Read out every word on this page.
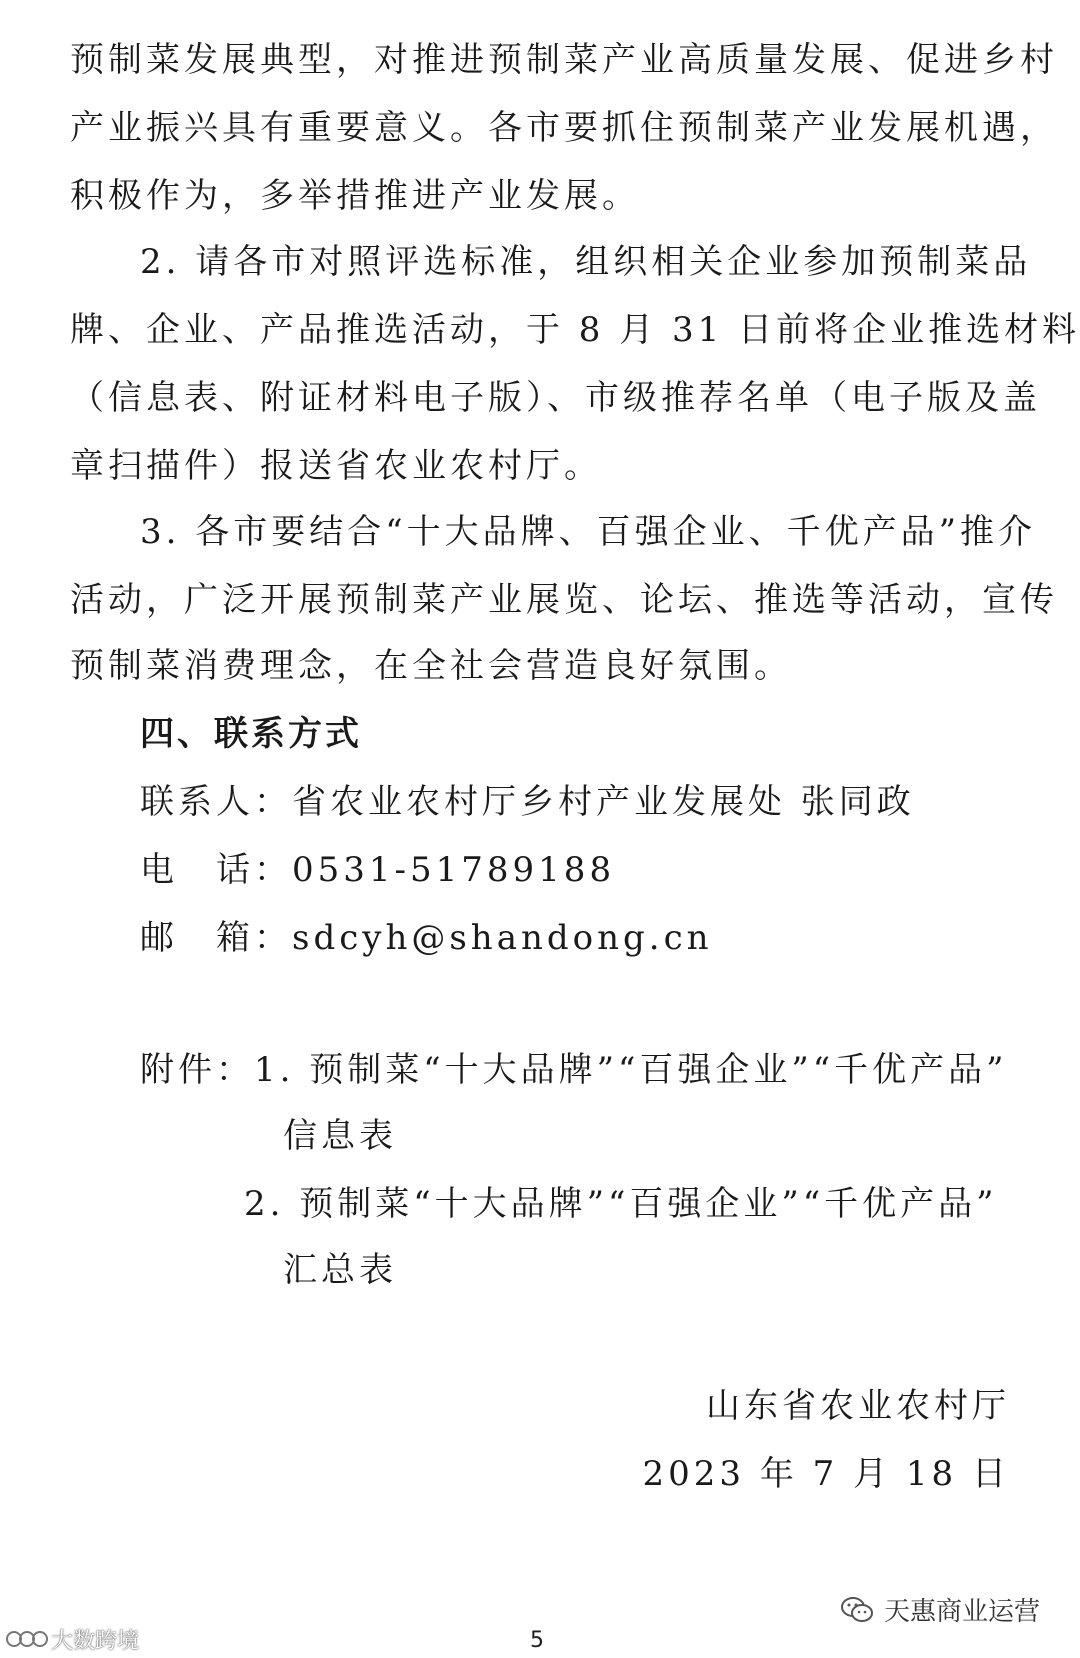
预制菜发展典型，对推进预制菜产业高质量发展、促进乡村
产业振兴具有重要意义。各市要抓住预制菜产业发展机遇，
积极作为，多举措推进产业发展。
2. 请各市对照评选标准，组织相关企业参加预制菜品
牌、企业、产品推选活动，于 8 月 31 日前将企业推选材料
（信息表、附证材料电子版）、市级推荐名单（电子版及盖
章扫描件）报送省农业农村厅。
3. 各市要结合“十大品牌、百强企业、千优产品”推介
活动，广泛开展预制菜产业展览、论坛、推选等活动，宣传
预制菜消费理念，在全社会营造良好氛围。
四、联系方式
联系人：省农业农村厅乡村产业发展处 张同政
电　话：0531-51789188
邮　箱：sdcyh@shandong.cn
附件：1. 预制菜“十大品牌”“百强企业”“千优产品”
信息表
2. 预制菜“十大品牌”“百强企业”“千优产品”
汇总表
山东省农业农村厅
2023 年 7 月 18 日
天惠商业运营
大数跨境	5
